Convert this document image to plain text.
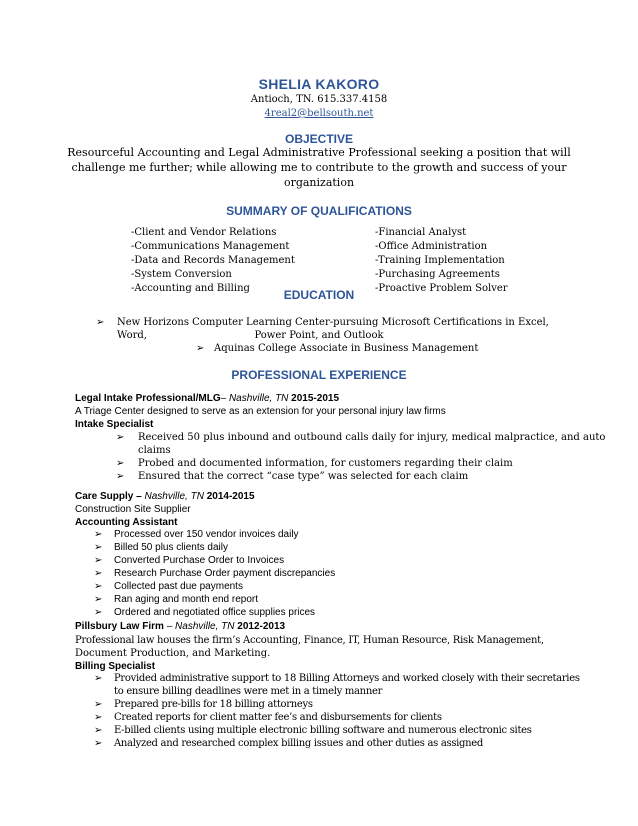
SHELIA KAKORO
Antioch, TN. 615.337.4158
4real2@bellsouth.net
OBJECTIVE
Resourceful Accounting and Legal Administrative Professional seeking a position that will
challenge me further; while allowing me to contribute to the growth and success of your
organization
SUMMARY OF QUALIFICATIONS
-Client and Vendor Relations
-Communications Management
-Data and Records Management
-System Conversion
-Accounting and Billing
-Financial Analyst
-Office Administration
-Training Implementation
-Purchasing Agreements
-Proactive Problem Solver
EDUCATION
➢ New Horizons Computer Learning Center-pursuing Microsoft Certifications in Excel, Word,	Power Point, and Outlook
➢ Aquinas College Associate in Business Management
PROFESSIONAL EXPERIENCE
Legal Intake Professional/MLG– Nashville, TN 2015-2015
A Triage Center designed to serve as an extension for your personal injury law firms
Intake Specialist
➢ Received 50 plus inbound and outbound calls daily for injury, medical malpractice, and auto
claims
➢ Probed and documented information, for customers regarding their claim
➢ Ensured that the correct “case type” was selected for each claim
Care Supply – Nashville, TN 2014-2015
Construction Site Supplier
Accounting Assistant
➢ Processed over 150 vendor invoices daily
➢ Billed 50 plus clients daily
➢ Converted Purchase Order to Invoices
➢ Research Purchase Order payment discrepancies
➢ Collected past due payments
➢ Ran aging and month end report
➢ Ordered and negotiated office supplies prices
Pillsbury Law Firm – Nashville, TN 2012-2013
Professional law houses the firm’s Accounting, Finance, IT, Human Resource, Risk Management,
Document Production, and Marketing.
Billing Specialist
➢ Provided administrative support to 18 Billing Attorneys and worked closely with their secretaries
to ensure billing deadlines were met in a timely manner
➢ Prepared pre-bills for 18 billing attorneys
➢ Created reports for client matter fee’s and disbursements for clients
➢ E-billed clients using multiple electronic billing software and numerous electronic sites
➢ Analyzed and researched complex billing issues and other duties as assigned
